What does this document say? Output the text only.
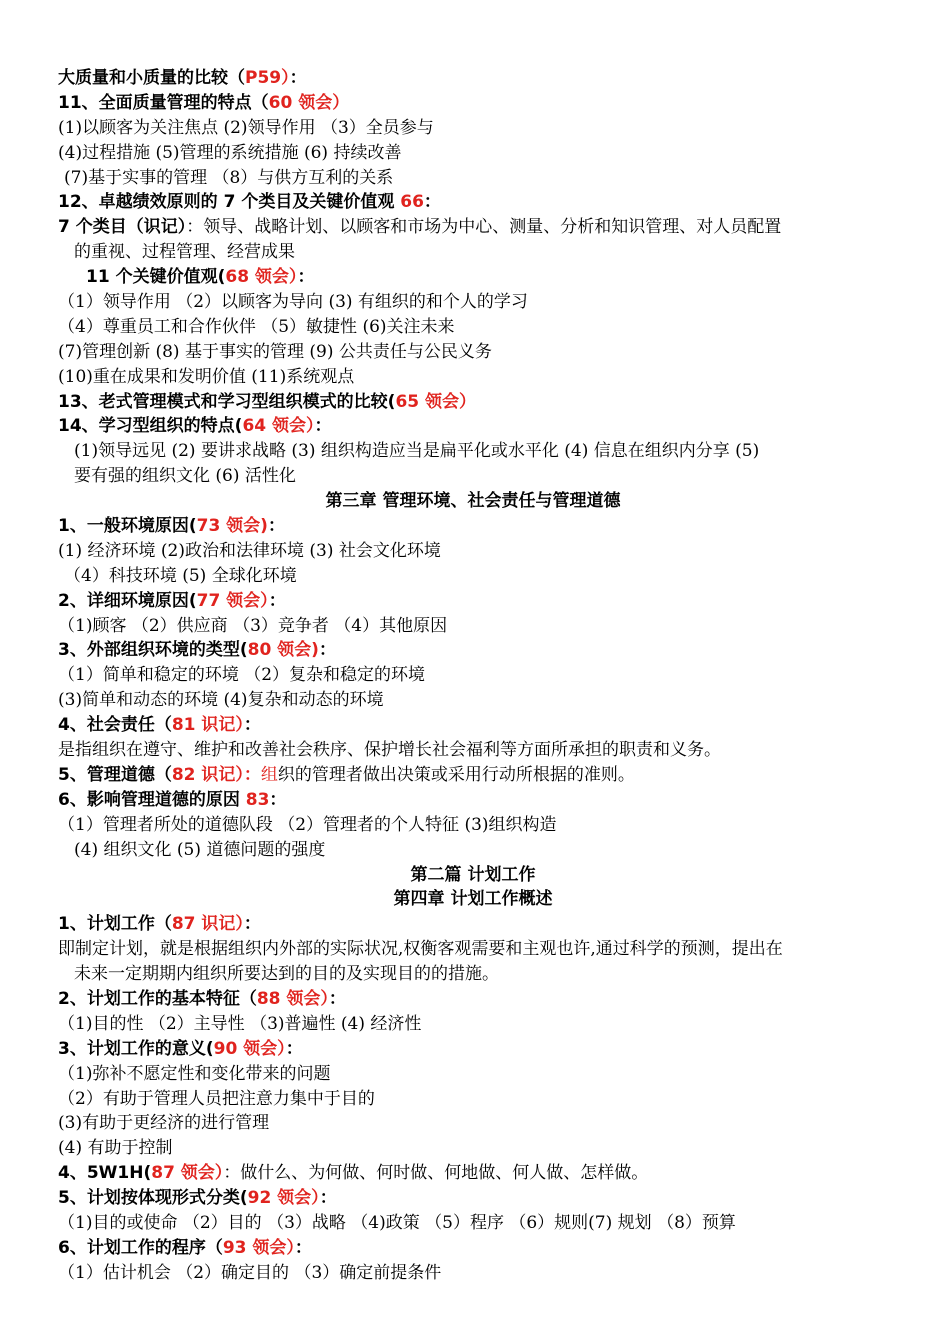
大质量和小质量的比较（P59）：
11、全面质量管理的特点（60 领会）
(1)以顾客为关注焦点 (2)领导作用 （3）全员参与
(4)过程措施 (5)管理的系统措施 (6) 持续改善
(7)基于实事的管理 （8）与供方互利的关系
12、卓越绩效原则的 7 个类目及关键价值观 66：
7 个类目（识记）：领导、战略计划、以顾客和市场为中心、测量、分析和知识管理、对人员配置
的重视、过程管理、经营成果
11 个关键价值观(68 领会）：
（1）领导作用 （2）以顾客为导向 (3) 有组织的和个人的学习
（4）尊重员工和合作伙伴 （5）敏捷性 (6)关注未来
(7)管理创新 (8) 基于事实的管理 (9) 公共责任与公民义务
(10)重在成果和发明价值 (11)系统观点
13、老式管理模式和学习型组织模式的比较(65 领会）
14、学习型组织的特点(64 领会）：
(1)领导远见 (2) 要讲求战略 (3) 组织构造应当是扁平化或水平化 (4) 信息在组织内分享 (5)
要有强的组织文化 (6) 活性化
第三章 管理环境、社会责任与管理道德
1、一般环境原因(73 领会)：
(1) 经济环境 (2)政治和法律环境 (3) 社会文化环境
（4）科技环境 (5) 全球化环境
2、详细环境原因(77 领会）：
（1)顾客 （2）供应商 （3）竞争者 （4）其他原因
3、外部组织环境的类型(80 领会)：
（1）简单和稳定的环境 （2）复杂和稳定的环境
(3)简单和动态的环境 (4)复杂和动态的环境
4、社会责任（81 识记）：
是指组织在遵守、维护和改善社会秩序、保护增长社会福利等方面所承担的职责和义务。
5、管理道德（82 识记）：组织的管理者做出决策或采用行动所根据的准则。
6、影响管理道德的原因 83：
（1）管理者所处的道德队段 （2）管理者的个人特征 (3)组织构造
(4) 组织文化 (5) 道德问题的强度
第二篇 计划工作
第四章 计划工作概述
1、计划工作（87 识记）：
即制定计划，就是根据组织内外部的实际状况,权衡客观需要和主观也许,通过科学的预测，提出在
未来一定期期内组织所要达到的目的及实现目的的措施。
2、计划工作的基本特征（88 领会）：
（1)目的性 （2）主导性 （3)普遍性 (4) 经济性
3、计划工作的意义(90 领会）：
（1)弥补不愿定性和变化带来的问题
（2）有助于管理人员把注意力集中于目的
(3)有助于更经济的进行管理
(4) 有助于控制
4、5W1H(87 领会）：做什么、为何做、何时做、何地做、何人做、怎样做。
5、计划按体现形式分类(92 领会）：
（1)目的或使命 （2）目的 （3）战略 （4)政策 （5）程序 （6）规则(7) 规划 （8）预算
6、计划工作的程序（93 领会）：
（1）估计机会 （2）确定目的 （3）确定前提条件
